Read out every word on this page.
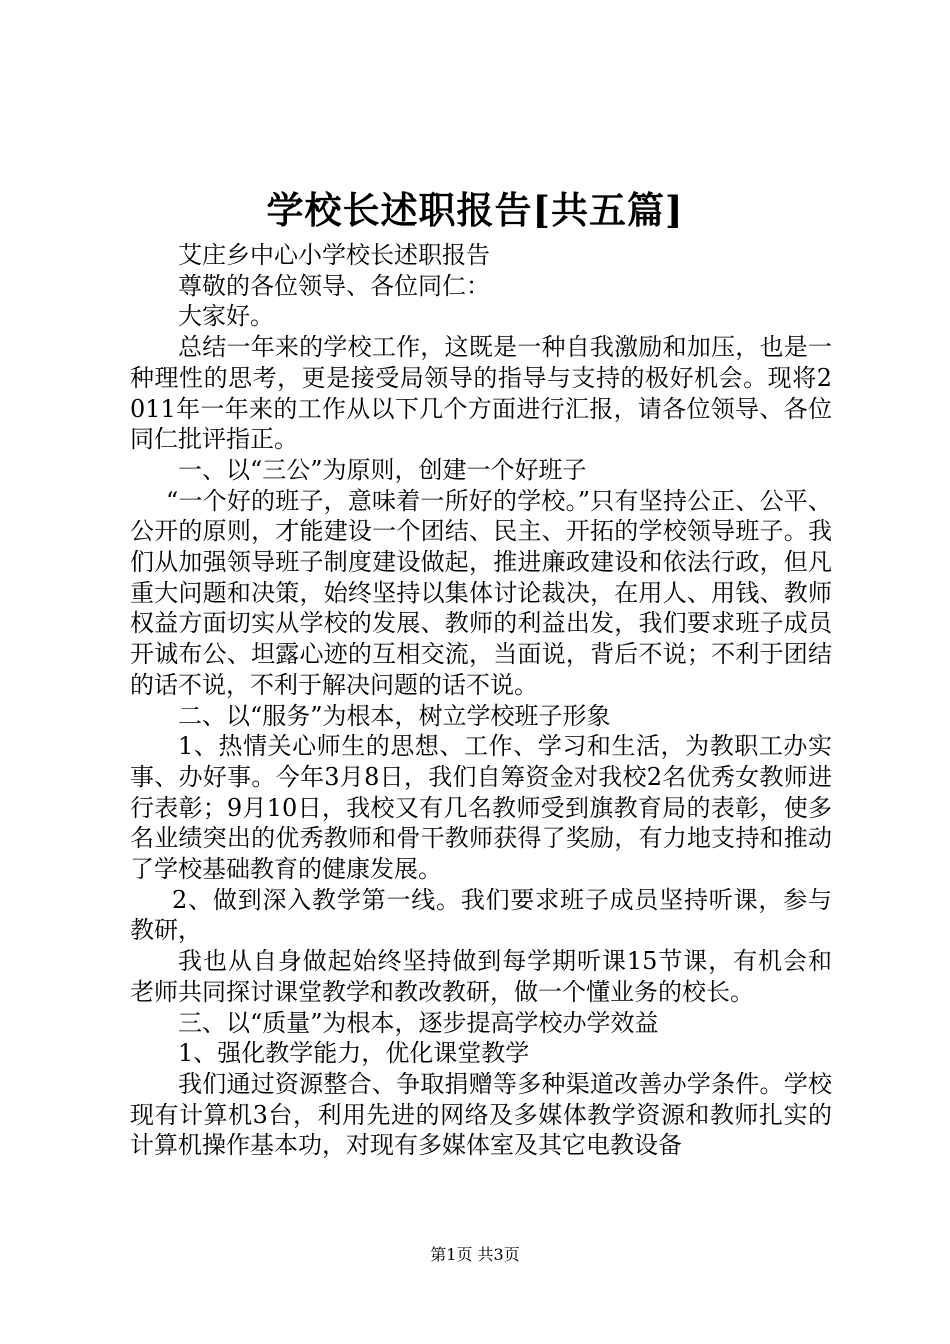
学校长述职报告[共五篇]

艾庄乡中心小学校长述职报告

尊敬的各位领导、各位同仁：

大家好。

总结一年来的学校工作，这既是一种自我激励和加压，也是一种理性的思考，更是接受局领导的指导与支持的极好机会。现将2011年一年来的工作从以下几个方面进行汇报，请各位领导、各位同仁批评指正。

一、以“三公”为原则，创建一个好班子

“一个好的班子，意味着一所好的学校。”只有坚持公正、公平、公开的原则，才能建设一个团结、民主、开拓的学校领导班子。我们从加强领导班子制度建设做起，推进廉政建设和依法行政，但凡重大问题和决策，始终坚持以集体讨论裁决，在用人、用钱、教师权益方面切实从学校的发展、教师的利益出发，我们要求班子成员开诚布公、坦露心迹的互相交流，当面说，背后不说；不利于团结的话不说，不利于解决问题的话不说。

二、以“服务”为根本，树立学校班子形象

1、热情关心师生的思想、工作、学习和生活，为教职工办实事、办好事。今年3月8日，我们自筹资金对我校2名优秀女教师进行表彰；9月10日，我校又有几名教师受到旗教育局的表彰，使多名业绩突出的优秀教师和骨干教师获得了奖励，有力地支持和推动了学校基础教育的健康发展。

2、做到深入教学第一线。我们要求班子成员坚持听课，参与教研，

我也从自身做起始终坚持做到每学期听课15节课，有机会和老师共同探讨课堂教学和教改教研，做一个懂业务的校长。

三、以“质量”为根本，逐步提高学校办学效益

1、强化教学能力，优化课堂教学

我们通过资源整合、争取捐赠等多种渠道改善办学条件。学校现有计算机3台，利用先进的网络及多媒体教学资源和教师扎实的计算机操作基本功，对现有多媒体室及其它电教设备

第1页 共3页
